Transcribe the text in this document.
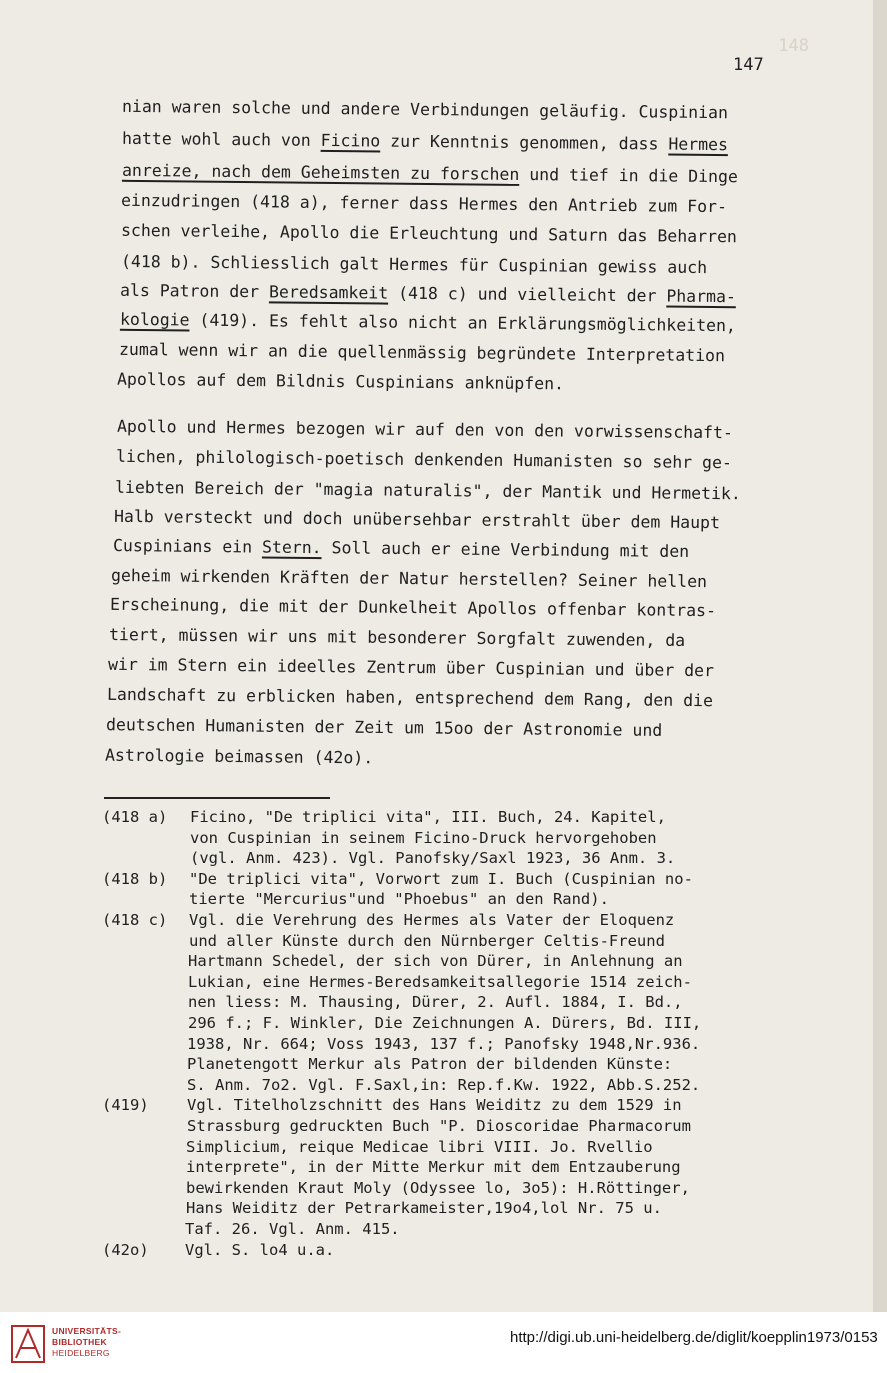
148
147
nian waren solche und andere Verbindungen geläufig. Cuspinian
hatte wohl auch von Ficino zur Kenntnis genommen, dass Hermes
anreize, nach dem Geheimsten zu forschen und tief in die Dinge
einzudringen (418 a), ferner dass Hermes den Antrieb zum For-
schen verleihe, Apollo die Erleuchtung und Saturn das Beharren
(418 b). Schliesslich galt Hermes für Cuspinian gewiss auch
als Patron der Beredsamkeit (418 c) und vielleicht der Pharma-
kologie (419). Es fehlt also nicht an Erklärungsmöglichkeiten,
zumal wenn wir an die quellenmässig begründete Interpretation
Apollos auf dem Bildnis Cuspinians anknüpfen.
Apollo und Hermes bezogen wir auf den von den vorwissenschaft-
lichen, philologisch-poetisch denkenden Humanisten so sehr ge-
liebten Bereich der "magia naturalis", der Mantik und Hermetik.
Halb versteckt und doch unübersehbar erstrahlt über dem Haupt
Cuspinians ein Stern. Soll auch er eine Verbindung mit den
geheim wirkenden Kräften der Natur herstellen? Seiner hellen
Erscheinung, die mit der Dunkelheit Apollos offenbar kontras-
tiert, müssen wir uns mit besonderer Sorgfalt zuwenden, da
wir im Stern ein ideelles Zentrum über Cuspinian und über der
Landschaft zu erblicken haben, entsprechend dem Rang, den die
deutschen Humanisten der Zeit um 15oo der Astronomie und
Astrologie beimassen (42o).
(418 a) Ficino, "De triplici vita", III. Buch, 24. Kapitel,
von Cuspinian in seinem Ficino-Druck hervorgehoben
(vgl. Anm. 423). Vgl. Panofsky/Saxl 1923, 36 Anm. 3.
(418 b) "De triplici vita", Vorwort zum I. Buch (Cuspinian no-
tierte "Mercurius"und "Phoebus" an den Rand).
(418 c) Vgl. die Verehrung des Hermes als Vater der Eloquenz
und aller Künste durch den Nürnberger Celtis-Freund
Hartmann Schedel, der sich von Dürer, in Anlehnung an
Lukian, eine Hermes-Beredsamkeitsallegorie 1514 zeich-
nen liess: M. Thausing, Dürer, 2. Aufl. 1884, I. Bd.,
296 f.; F. Winkler, Die Zeichnungen A. Dürers, Bd. III,
1938, Nr. 664; Voss 1943, 137 f.; Panofsky 1948,Nr.936.
Planetengott Merkur als Patron der bildenden Künste:
S. Anm. 7o2. Vgl. F.Saxl,in: Rep.f.Kw. 1922, Abb.S.252.
(419) Vgl. Titelholzschnitt des Hans Weiditz zu dem 1529 in
Strassburg gedruckten Buch "P. Dioscoridae Pharmacorum
Simplicium, reique Medicae libri VIII. Jo. Rvellio
interprete", in der Mitte Merkur mit dem Entzauberung
bewirkenden Kraut Moly (Odyssee lo, 3o5): H.Röttinger,
Hans Weiditz der Petrarkameister,19o4,lol Nr. 75 u.
Taf. 26. Vgl. Anm. 415.
(42o) Vgl. S. lo4 u.a.
UNIVERSITÄTS-
BIBLIOTHEK
HEIDELBERG
http://digi.ub.uni-heidelberg.de/diglit/koepplin1973/0153
